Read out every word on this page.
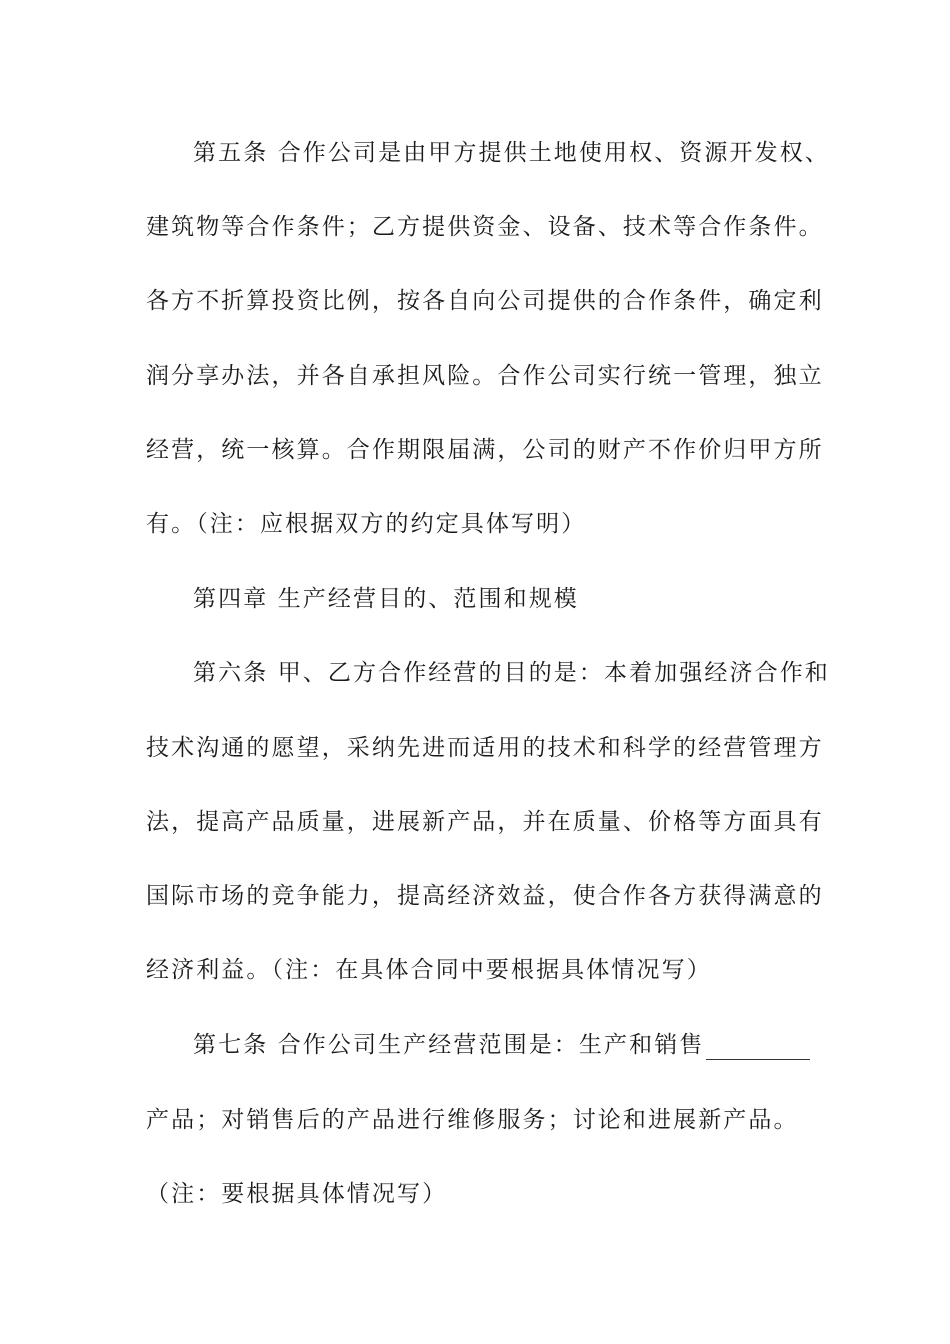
第五条 合作公司是由甲方提供土地使用权、资源开发权、
建筑物等合作条件；乙方提供资金、设备、技术等合作条件。
各方不折算投资比例，按各自向公司提供的合作条件，确定利
润分享办法，并各自承担风险。合作公司实行统一管理，独立
经营，统一核算。合作期限届满，公司的财产不作价归甲方所
有。（注：应根据双方的约定具体写明）
第四章 生产经营目的、范围和规模
第六条 甲、乙方合作经营的目的是：本着加强经济合作和
技术沟通的愿望，采纳先进而适用的技术和科学的经营管理方
法，提高产品质量，进展新产品，并在质量、价格等方面具有
国际市场的竞争能力，提高经济效益，使合作各方获得满意的
经济利益。（注：在具体合同中要根据具体情况写）
第七条 合作公司生产经营范围是：生产和销售
产品；对销售后的产品进行维修服务；讨论和进展新产品。
（注：要根据具体情况写）
